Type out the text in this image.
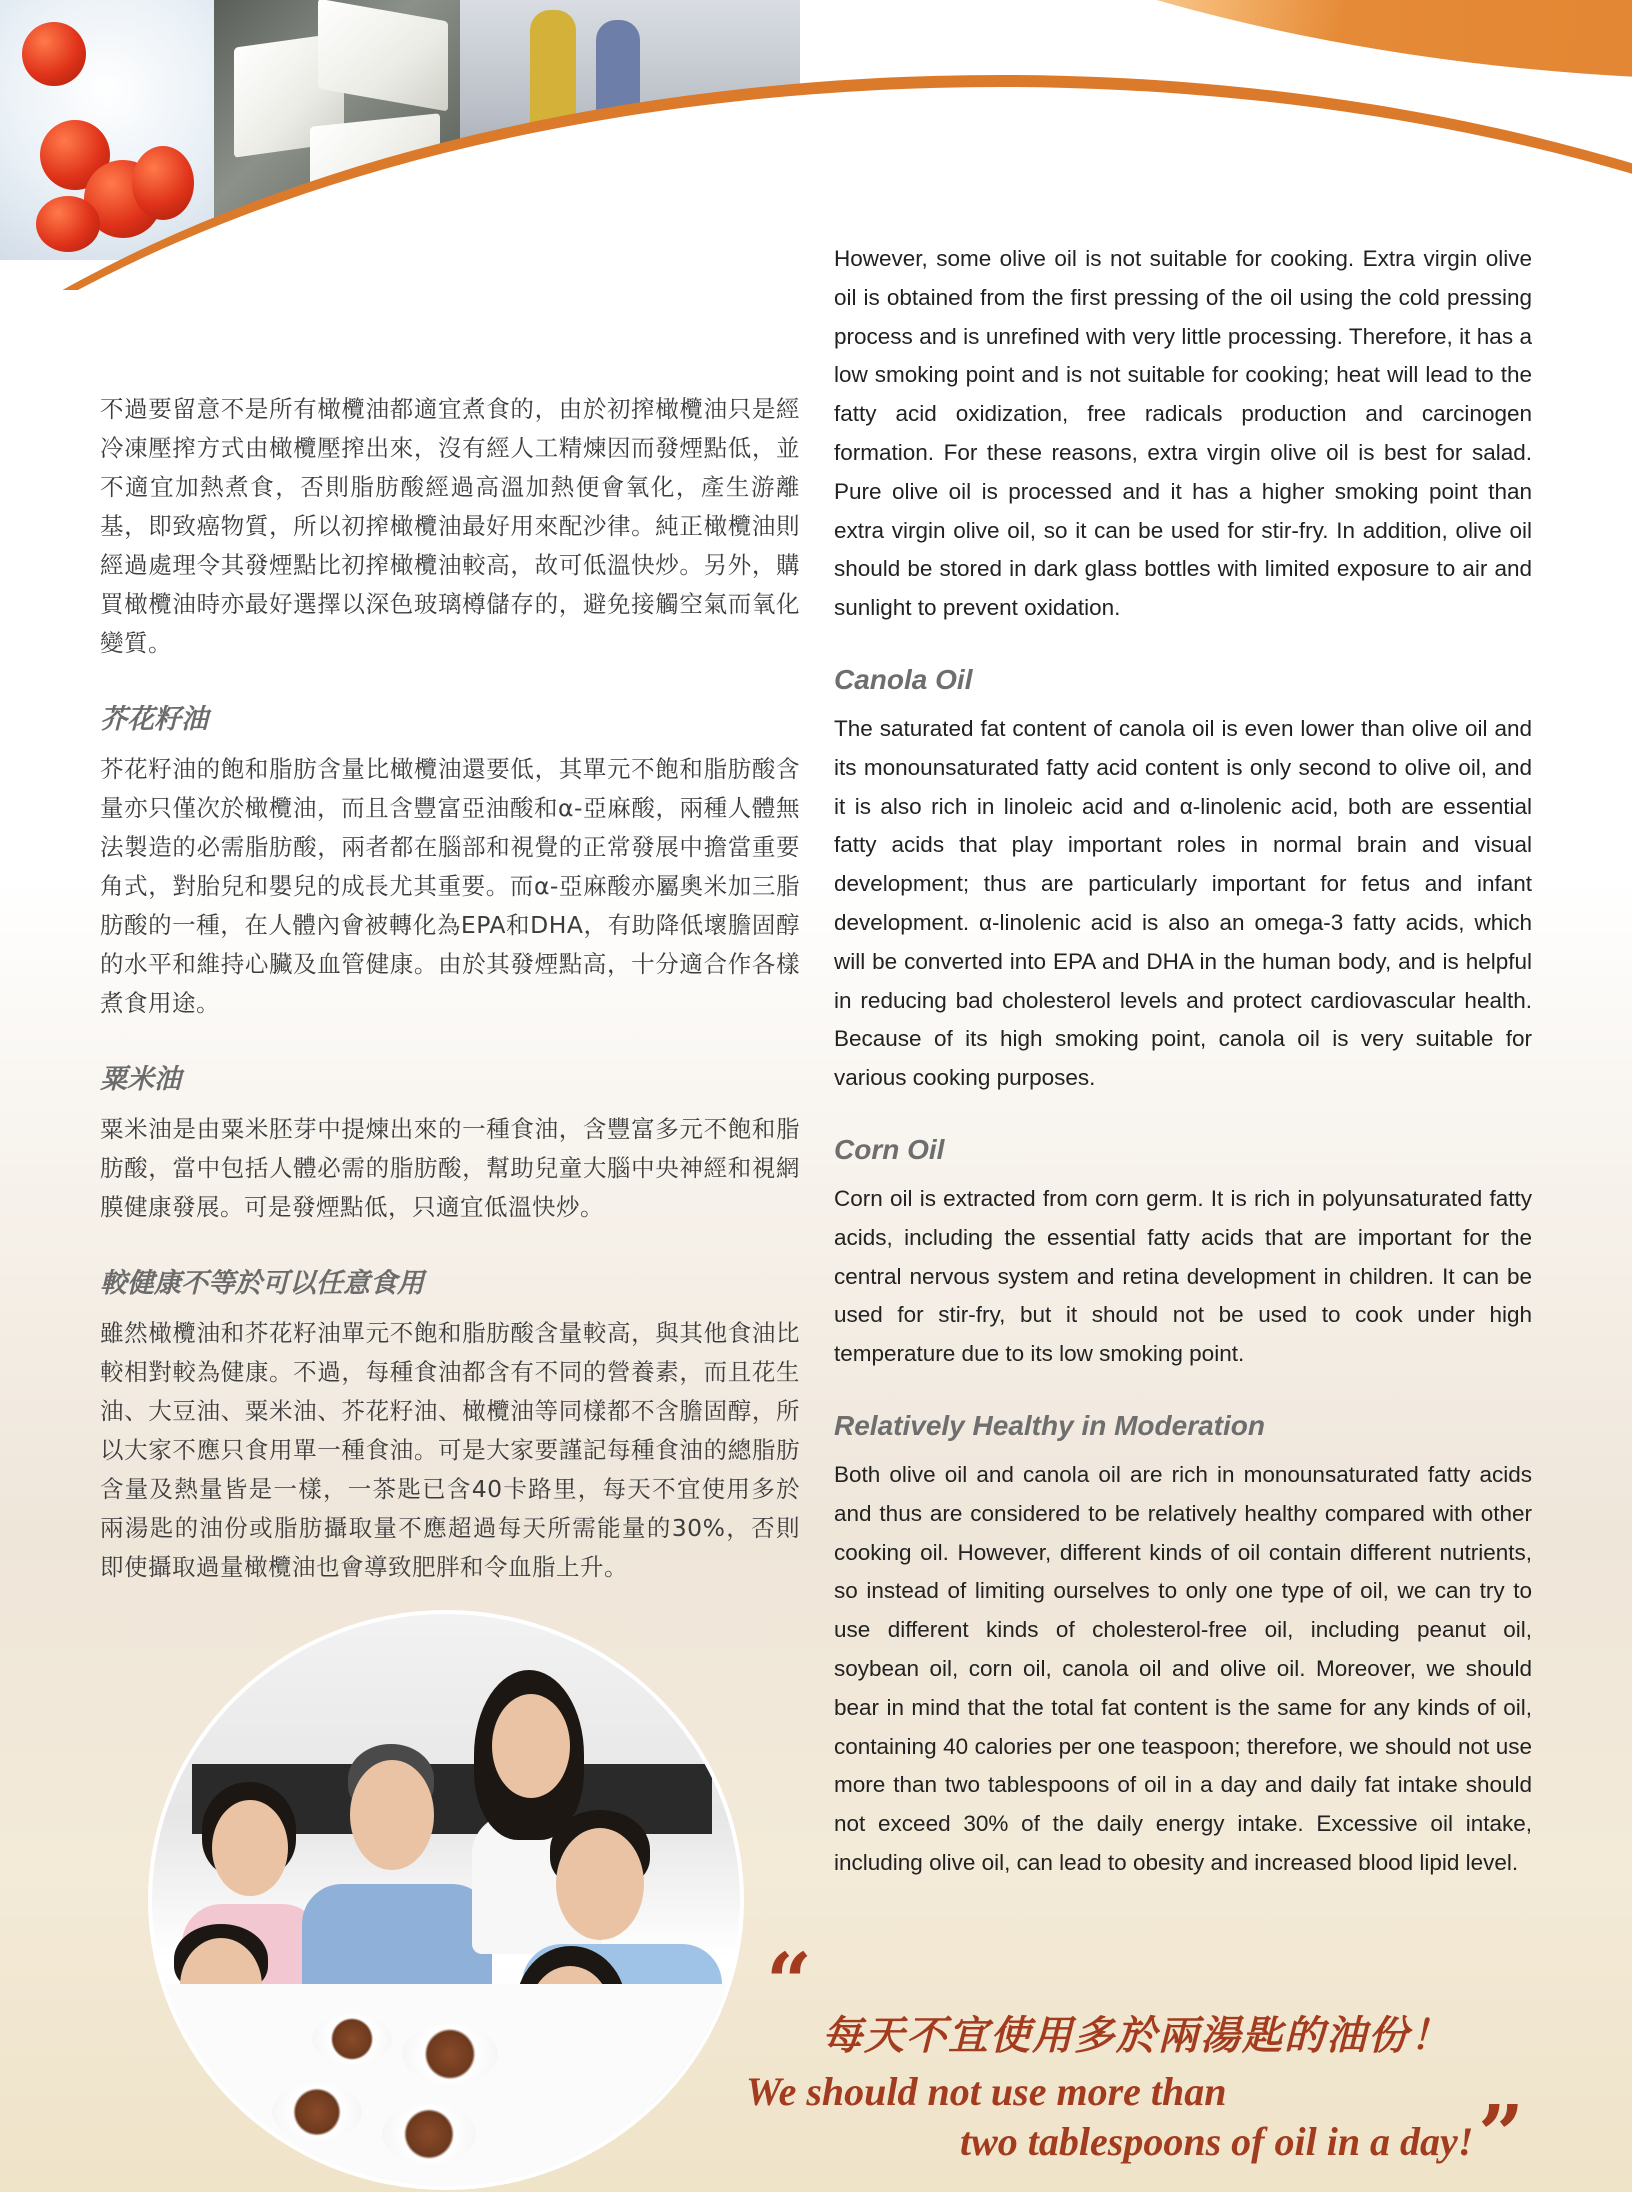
不過要留意不是所有橄欖油都適宜煮食的，由於初搾橄欖油只是經冷凍壓搾方式由橄欖壓搾出來，沒有經人工精煉因而發煙點低，並不適宜加熱煮食，否則脂肪酸經過高溫加熱便會氧化，產生游離基，即致癌物質，所以初搾橄欖油最好用來配沙律。純正橄欖油則經過處理令其發煙點比初搾橄欖油較高，故可低溫快炒。另外，購買橄欖油時亦最好選擇以深色玻璃樽儲存的，避免接觸空氣而氧化變質。

芥花籽油

芥花籽油的飽和脂肪含量比橄欖油還要低，其單元不飽和脂肪酸含量亦只僅次於橄欖油，而且含豐富亞油酸和α-亞麻酸，兩種人體無法製造的必需脂肪酸，兩者都在腦部和視覺的正常發展中擔當重要角式，對胎兒和嬰兒的成長尤其重要。而α-亞麻酸亦屬奧米加三脂肪酸的一種，在人體內會被轉化為EPA和DHA，有助降低壞膽固醇的水平和維持心臟及血管健康。由於其發煙點高，十分適合作各樣煮食用途。

粟米油

粟米油是由粟米胚芽中提煉出來的一種食油，含豐富多元不飽和脂肪酸，當中包括人體必需的脂肪酸，幫助兒童大腦中央神經和視網膜健康發展。可是發煙點低，只適宜低溫快炒。

較健康不等於可以任意食用

雖然橄欖油和芥花籽油單元不飽和脂肪酸含量較高，與其他食油比較相對較為健康。不過，每種食油都含有不同的營養素，而且花生油、大豆油、粟米油、芥花籽油、橄欖油等同樣都不含膽固醇，所以大家不應只食用單一種食油。可是大家要謹記每種食油的總脂肪含量及熱量皆是一樣，一茶匙已含40卡路里，每天不宜使用多於兩湯匙的油份或脂肪攝取量不應超過每天所需能量的30%，否則即使攝取過量橄欖油也會導致肥胖和令血脂上升。

However, some olive oil is not suitable for cooking. Extra virgin olive oil is obtained from the first pressing of the oil using the cold pressing process and is unrefined with very little processing. Therefore, it has a low smoking point and is not suitable for cooking; heat will lead to the fatty acid oxidization, free radicals production and carcinogen formation. For these reasons, extra virgin olive oil is best for salad. Pure olive oil is processed and it has a higher smoking point than extra virgin olive oil, so it can be used for stir-fry. In addition, olive oil should be stored in dark glass bottles with limited exposure to air and sunlight to prevent oxidation.

Canola Oil

The saturated fat content of canola oil is even lower than olive oil and its monounsaturated fatty acid content is only second to olive oil, and it is also rich in linoleic acid and α-linolenic acid, both are essential fatty acids that play important roles in normal brain and visual development; thus are particularly important for fetus and infant development. α-linolenic acid is also an omega-3 fatty acids, which will be converted into EPA and DHA in the human body, and is helpful in reducing bad cholesterol levels and protect cardiovascular health. Because of its high smoking point, canola oil is very suitable for various cooking purposes.

Corn Oil

Corn oil is extracted from corn germ. It is rich in polyunsaturated fatty acids, including the essential fatty acids that are important for the central nervous system and retina development in children. It can be used for stir-fry, but it should not be used to cook under high temperature due to its low smoking point.

Relatively Healthy in Moderation

Both olive oil and canola oil are rich in monounsaturated fatty acids and thus are considered to be relatively healthy compared with other cooking oil. However, different kinds of oil contain different nutrients, so instead of limiting ourselves to only one type of oil, we can try to use different kinds of cholesterol-free oil, including peanut oil, soybean oil, corn oil, canola oil and olive oil. Moreover, we should bear in mind that the total fat content is the same for any kinds of oil, containing 40 calories per one teaspoon; therefore, we should not use more than two tablespoons of oil in a day and daily fat intake should not exceed 30% of the daily energy intake. Excessive oil intake, including olive oil, can lead to obesity and increased blood lipid level.

“
每天不宜使用多於兩湯匙的油份！
We should not use more than
two tablespoons of oil in a day! ”
